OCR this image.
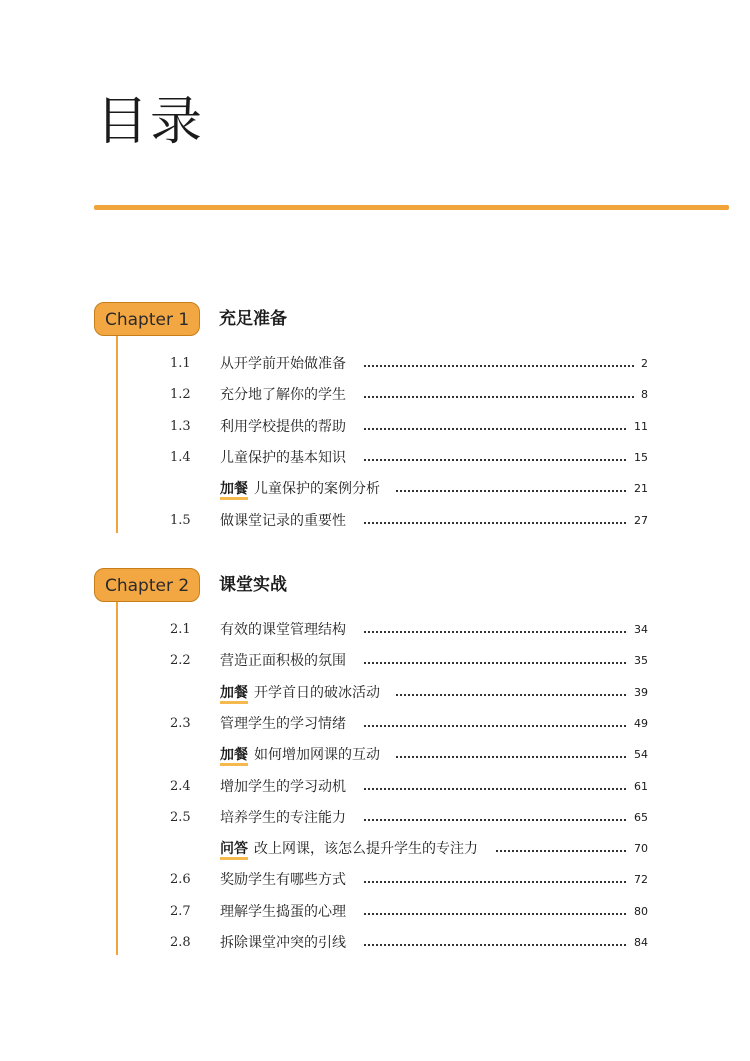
目录
Chapter 1	充足准备
1.1	从开学前开始做准备	2
1.2	充分地了解你的学生	8
1.3	利用学校提供的帮助	11
1.4	儿童保护的基本知识	15
加餐 儿童保护的案例分析	21
1.5	做课堂记录的重要性	27
Chapter 2	课堂实战
2.1	有效的课堂管理结构	34
2.2	营造正面积极的氛围	35
加餐 开学首日的破冰活动	39
2.3	管理学生的学习情绪	49
加餐 如何增加网课的互动	54
2.4	增加学生的学习动机	61
2.5	培养学生的专注能力	65
问答 改上网课，该怎么提升学生的专注力	70
2.6	奖励学生有哪些方式	72
2.7	理解学生捣蛋的心理	80
2.8	拆除课堂冲突的引线	84
